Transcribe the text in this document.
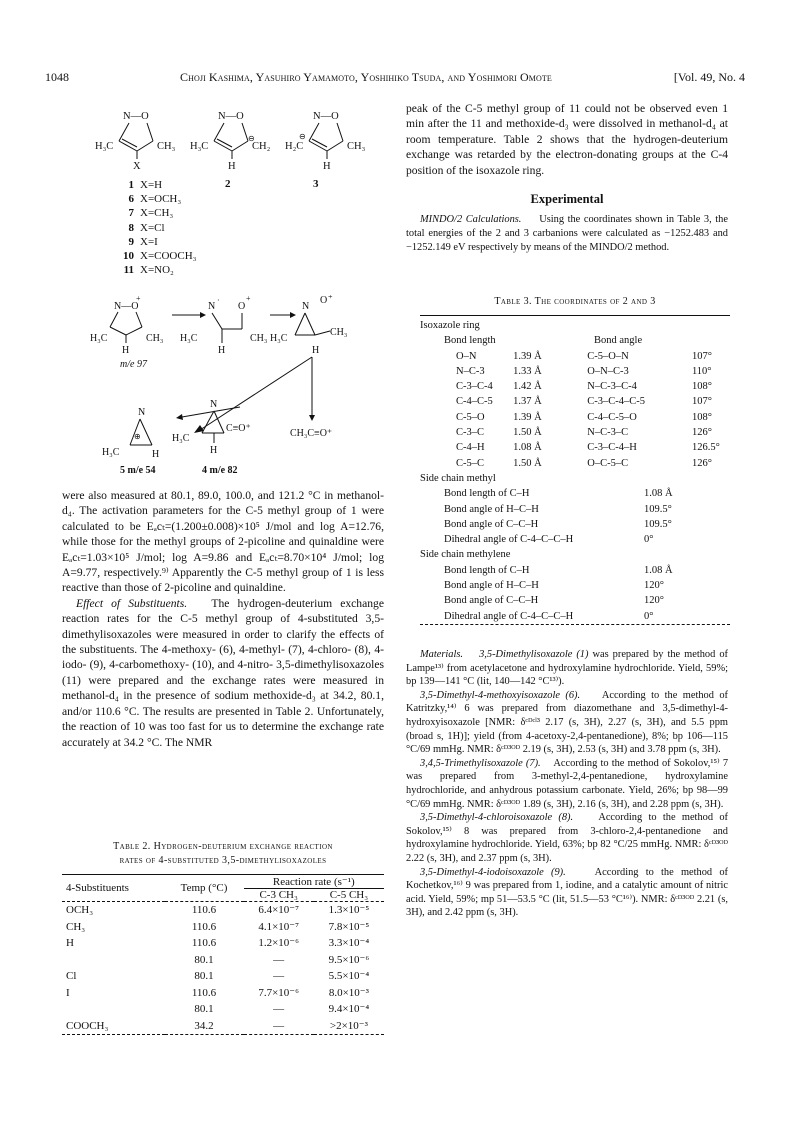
1048	Choji Kashima, Yasuhiro Yamamoto, Yoshihiko Tsuda, and Yoshimori Omote	[Vol. 49, No. 4
N—O
H₃C	CH₃
X
N—O
H₃C	CH₂
⊖
H
N—O
H₂C
⊖
CH₃
H
1 X=H
6 X=OCH₃
7 X=CH₃
8 X=Cl
9 X=I
10 X=COOCH₃
11 X=NO₂
2	3
N—O
+
H₃C	CH₃
H
N
·
O
+
H₃C	CH₃
H
N
O +
H₃C
CH₃
H
N
⊕
H₃C	H
N
H₃C
C≡O⁺
H
m/e 97
CH₃C≡O⁺
5 m/e 54	4 m/e 82

were also measured at 80.1, 89.0, 100.0, and 121.2 °C in methanol-d₄. The activation parameters for the C-5 methyl group of 1 were calculated to be Eₐcₜ=(1.200±0.008)×10⁵ J/mol and log A=12.76, while those for the methyl groups of 2-picoline and quinaldine were Eₐcₜ=1.03×10⁵ J/mol; log A=9.86 and Eₐcₜ=8.70×10⁴ J/mol; log A=9.77, respectively.⁹⁾ Apparently the C-5 methyl group of 1 is less reactive than those of 2-picoline and quinaldine.

Effect of Substituents. The hydrogen-deuterium exchange reaction rates for the C-5 methyl group of 4-substituted 3,5-dimethylisoxazoles were measured in order to clarify the effects of the substituents. The 4-methoxy- (6), 4-methyl- (7), 4-chloro- (8), 4-iodo- (9), 4-carbomethoxy- (10), and 4-nitro- 3,5-dimethylisoxazoles (11) were prepared and the exchange rates were measured in methanol-d₄ in the presence of sodium methoxide-d₃ at 34.2, 80.1, and/or 110.6 °C. The results are presented in Table 2. Unfortunately, the reaction of 10 was too fast for us to determine the exchange rate accurately at 34.2 °C. The NMR

Table 2. Hydrogen-deuterium exchange reaction
rates of 4-substituted 3,5-dimethylisoxazoles
4-Substituents	Temp (°C)	Reaction rate (s⁻¹)	
		C-3 CH₃	C-5 CH₃
OCH₃	110.6	6.4×10⁻⁷	1.3×10⁻⁵
CH₃	110.6	4.1×10⁻⁷	7.8×10⁻⁵
H	110.6	1.2×10⁻⁶	3.3×10⁻⁴
	80.1	—	9.5×10⁻⁶
Cl	80.1	—	5.5×10⁻⁴
I	110.6	7.7×10⁻⁶	8.0×10⁻³
	80.1	—	9.4×10⁻⁴
COOCH₃	34.2	—	>2×10⁻³

peak of the C-5 methyl group of 11 could not be observed even 1 min after the 11 and methoxide-d₃ were dissolved in methanol-d₄ at room temperature. Table 2 shows that the hydrogen-deuterium exchange was retarded by the electron-donating groups at the C-4 position of the isoxazole ring.

Experimental

MINDO/2 Calculations. Using the coordinates shown in Table 3, the total energies of the 2 and 3 carbanions were calculated as −1252.483 and −1252.149 eV respectively by means of the MINDO/2 method.

Table 3. The coordinates of 2 and 3
Isoxazole ring
Bond length	Bond angle
O–N	1.39 Å	C-5–O–N	107°
N–C-3	1.33 Å	O–N–C-3	110°
C-3–C-4	1.42 Å	N–C-3–C-4	108°
C-4–C-5	1.37 Å	C-3–C-4–C-5	107°
C-5–O	1.39 Å	C-4–C-5–O	108°
C-3–C	1.50 Å	N–C-3–C	126°
C-4–H	1.08 Å	C-3–C-4–H	126.5°
C-5–C	1.50 Å	O–C-5–C	126°
Side chain methyl
Bond length of C–H	1.08 Å
Bond angle of H–C–H	109.5°
Bond angle of C–C–H	109.5°
Dihedral angle of C-4–C–C–H	0°
Side chain methylene
Bond length of C–H	1.08 Å
Bond angle of H–C–H	120°
Bond angle of C–C–H	120°
Dihedral angle of C-4–C–C–H	0°

Materials. 3,5-Dimethylisoxazole (1) was prepared by the method of Lampe¹³⁾ from acetylacetone and hydroxylamine hydrochloride. Yield, 59%; bp 139—141 °C (lit, 140—142 °C¹³⁾).

3,5-Dimethyl-4-methoxyisoxazole (6). According to the method of Katritzky,¹⁴⁾ 6 was prepared from diazomethane and 3,5-dimethyl-4-hydroxyisoxazole [NMR: δᶜᴰᶜˡ³ 2.17 (s, 3H), 2.27 (s, 3H), and 5.5 ppm (broad s, 1H)]; yield (from 4-acetoxy-2,4-pentanedione), 8%; bp 106—115 °C/69 mmHg. NMR: δᶜᴰ³ᴼᴰ 2.19 (s, 3H), 2.53 (s, 3H) and 3.78 ppm (s, 3H).

3,4,5-Trimethylisoxazole (7). According to the method of Sokolov,¹⁵⁾ 7 was prepared from 3-methyl-2,4-pentanedione, hydroxylamine hydrochloride, and anhydrous potassium carbonate. Yield, 26%; bp 98—99 °C/69 mmHg. NMR: δᶜᴰ³ᴼᴰ 1.89 (s, 3H), 2.16 (s, 3H), and 2.28 ppm (s, 3H).

3,5-Dimethyl-4-chloroisoxazole (8). According to the method of Sokolov,¹⁵⁾ 8 was prepared from 3-chloro-2,4-pentanedione and hydroxylamine hydrochloride. Yield, 63%; bp 82 °C/25 mmHg. NMR: δᶜᴰ³ᴼᴰ 2.22 (s, 3H), and 2.37 ppm (s, 3H).

3,5-Dimethyl-4-iodoisoxazole (9).	According to the method of Kochetkov,¹⁶⁾ 9 was prepared from 1, iodine, and a catalytic amount of nitric acid. Yield, 59%; mp 51—53.5 °C (lit, 51.5—53 °C¹⁶⁾). NMR: δᶜᴰ³ᴼᴰ 2.21 (s, 3H), and 2.42 ppm (s, 3H).
